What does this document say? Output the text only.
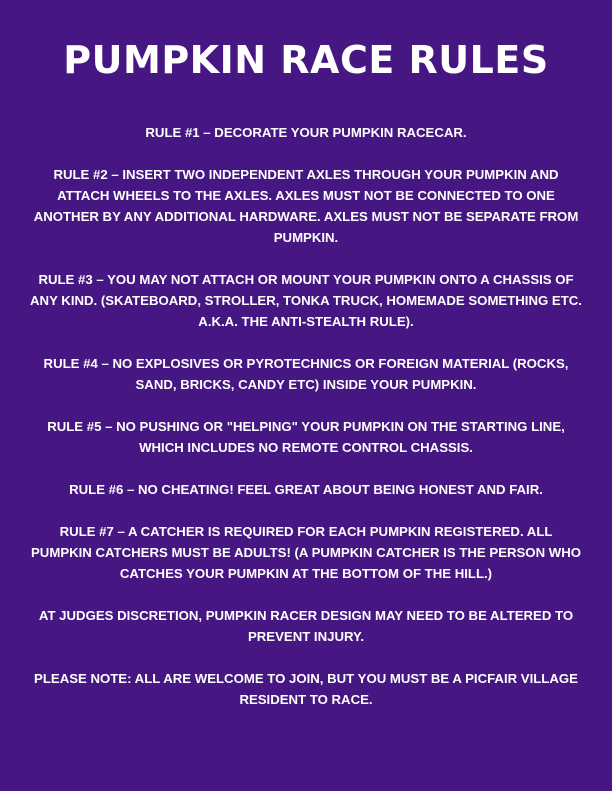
PUMPKIN RACE RULES

RULE #1 – DECORATE YOUR PUMPKIN RACECAR.

RULE #2 – INSERT TWO INDEPENDENT AXLES THROUGH YOUR PUMPKIN AND ATTACH WHEELS TO THE AXLES. AXLES MUST NOT BE CONNECTED TO ONE ANOTHER BY ANY ADDITIONAL HARDWARE. AXLES MUST NOT BE SEPARATE FROM PUMPKIN.

RULE #3 – YOU MAY NOT ATTACH OR MOUNT YOUR PUMPKIN ONTO A CHASSIS OF ANY KIND. (SKATEBOARD, STROLLER, TONKA TRUCK, HOMEMADE SOMETHING ETC. A.K.A. THE ANTI-STEALTH RULE).

RULE #4 – NO EXPLOSIVES OR PYROTECHNICS OR FOREIGN MATERIAL (ROCKS, SAND, BRICKS, CANDY ETC) INSIDE YOUR PUMPKIN.

RULE #5 – NO PUSHING OR "HELPING" YOUR PUMPKIN ON THE STARTING LINE, WHICH INCLUDES NO REMOTE CONTROL CHASSIS.

RULE #6 – NO CHEATING! FEEL GREAT ABOUT BEING HONEST AND FAIR.

RULE #7 – A CATCHER IS REQUIRED FOR EACH PUMPKIN REGISTERED. ALL PUMPKIN CATCHERS MUST BE ADULTS! (A PUMPKIN CATCHER IS THE PERSON WHO CATCHES YOUR PUMPKIN AT THE BOTTOM OF THE HILL.)

AT JUDGES DISCRETION, PUMPKIN RACER DESIGN MAY NEED TO BE ALTERED TO PREVENT INJURY.

PLEASE NOTE: ALL ARE WELCOME TO JOIN, BUT YOU MUST BE A PICFAIR VILLAGE RESIDENT TO RACE.
